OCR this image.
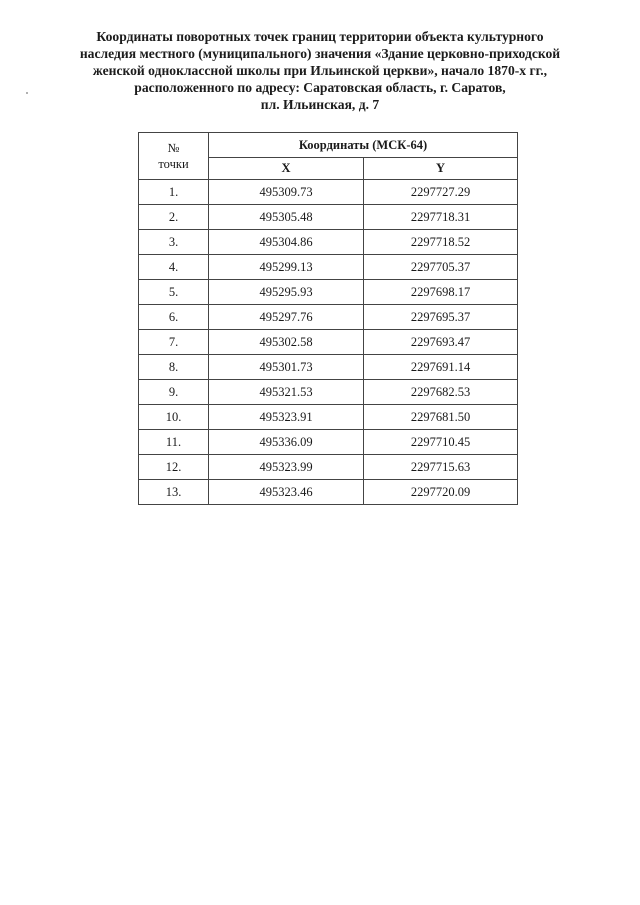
Координаты поворотных точек границ территории объекта культурного
наследия местного (муниципального) значения «Здание церковно-приходской
женской одноклассной школы при Ильинской церкви», начало 1870-х гг.,
расположенного по адресу: Саратовская область, г. Саратов,
пл. Ильинская, д. 7
№
точки	Координаты (МСК-64)	
	X	Y
1.	495309.73	2297727.29
2.	495305.48	2297718.31
3.	495304.86	2297718.52
4.	495299.13	2297705.37
5.	495295.93	2297698.17
6.	495297.76	2297695.37
7.	495302.58	2297693.47
8.	495301.73	2297691.14
9.	495321.53	2297682.53
10.	495323.91	2297681.50
11.	495336.09	2297710.45
12.	495323.99	2297715.63
13.	495323.46	2297720.09
